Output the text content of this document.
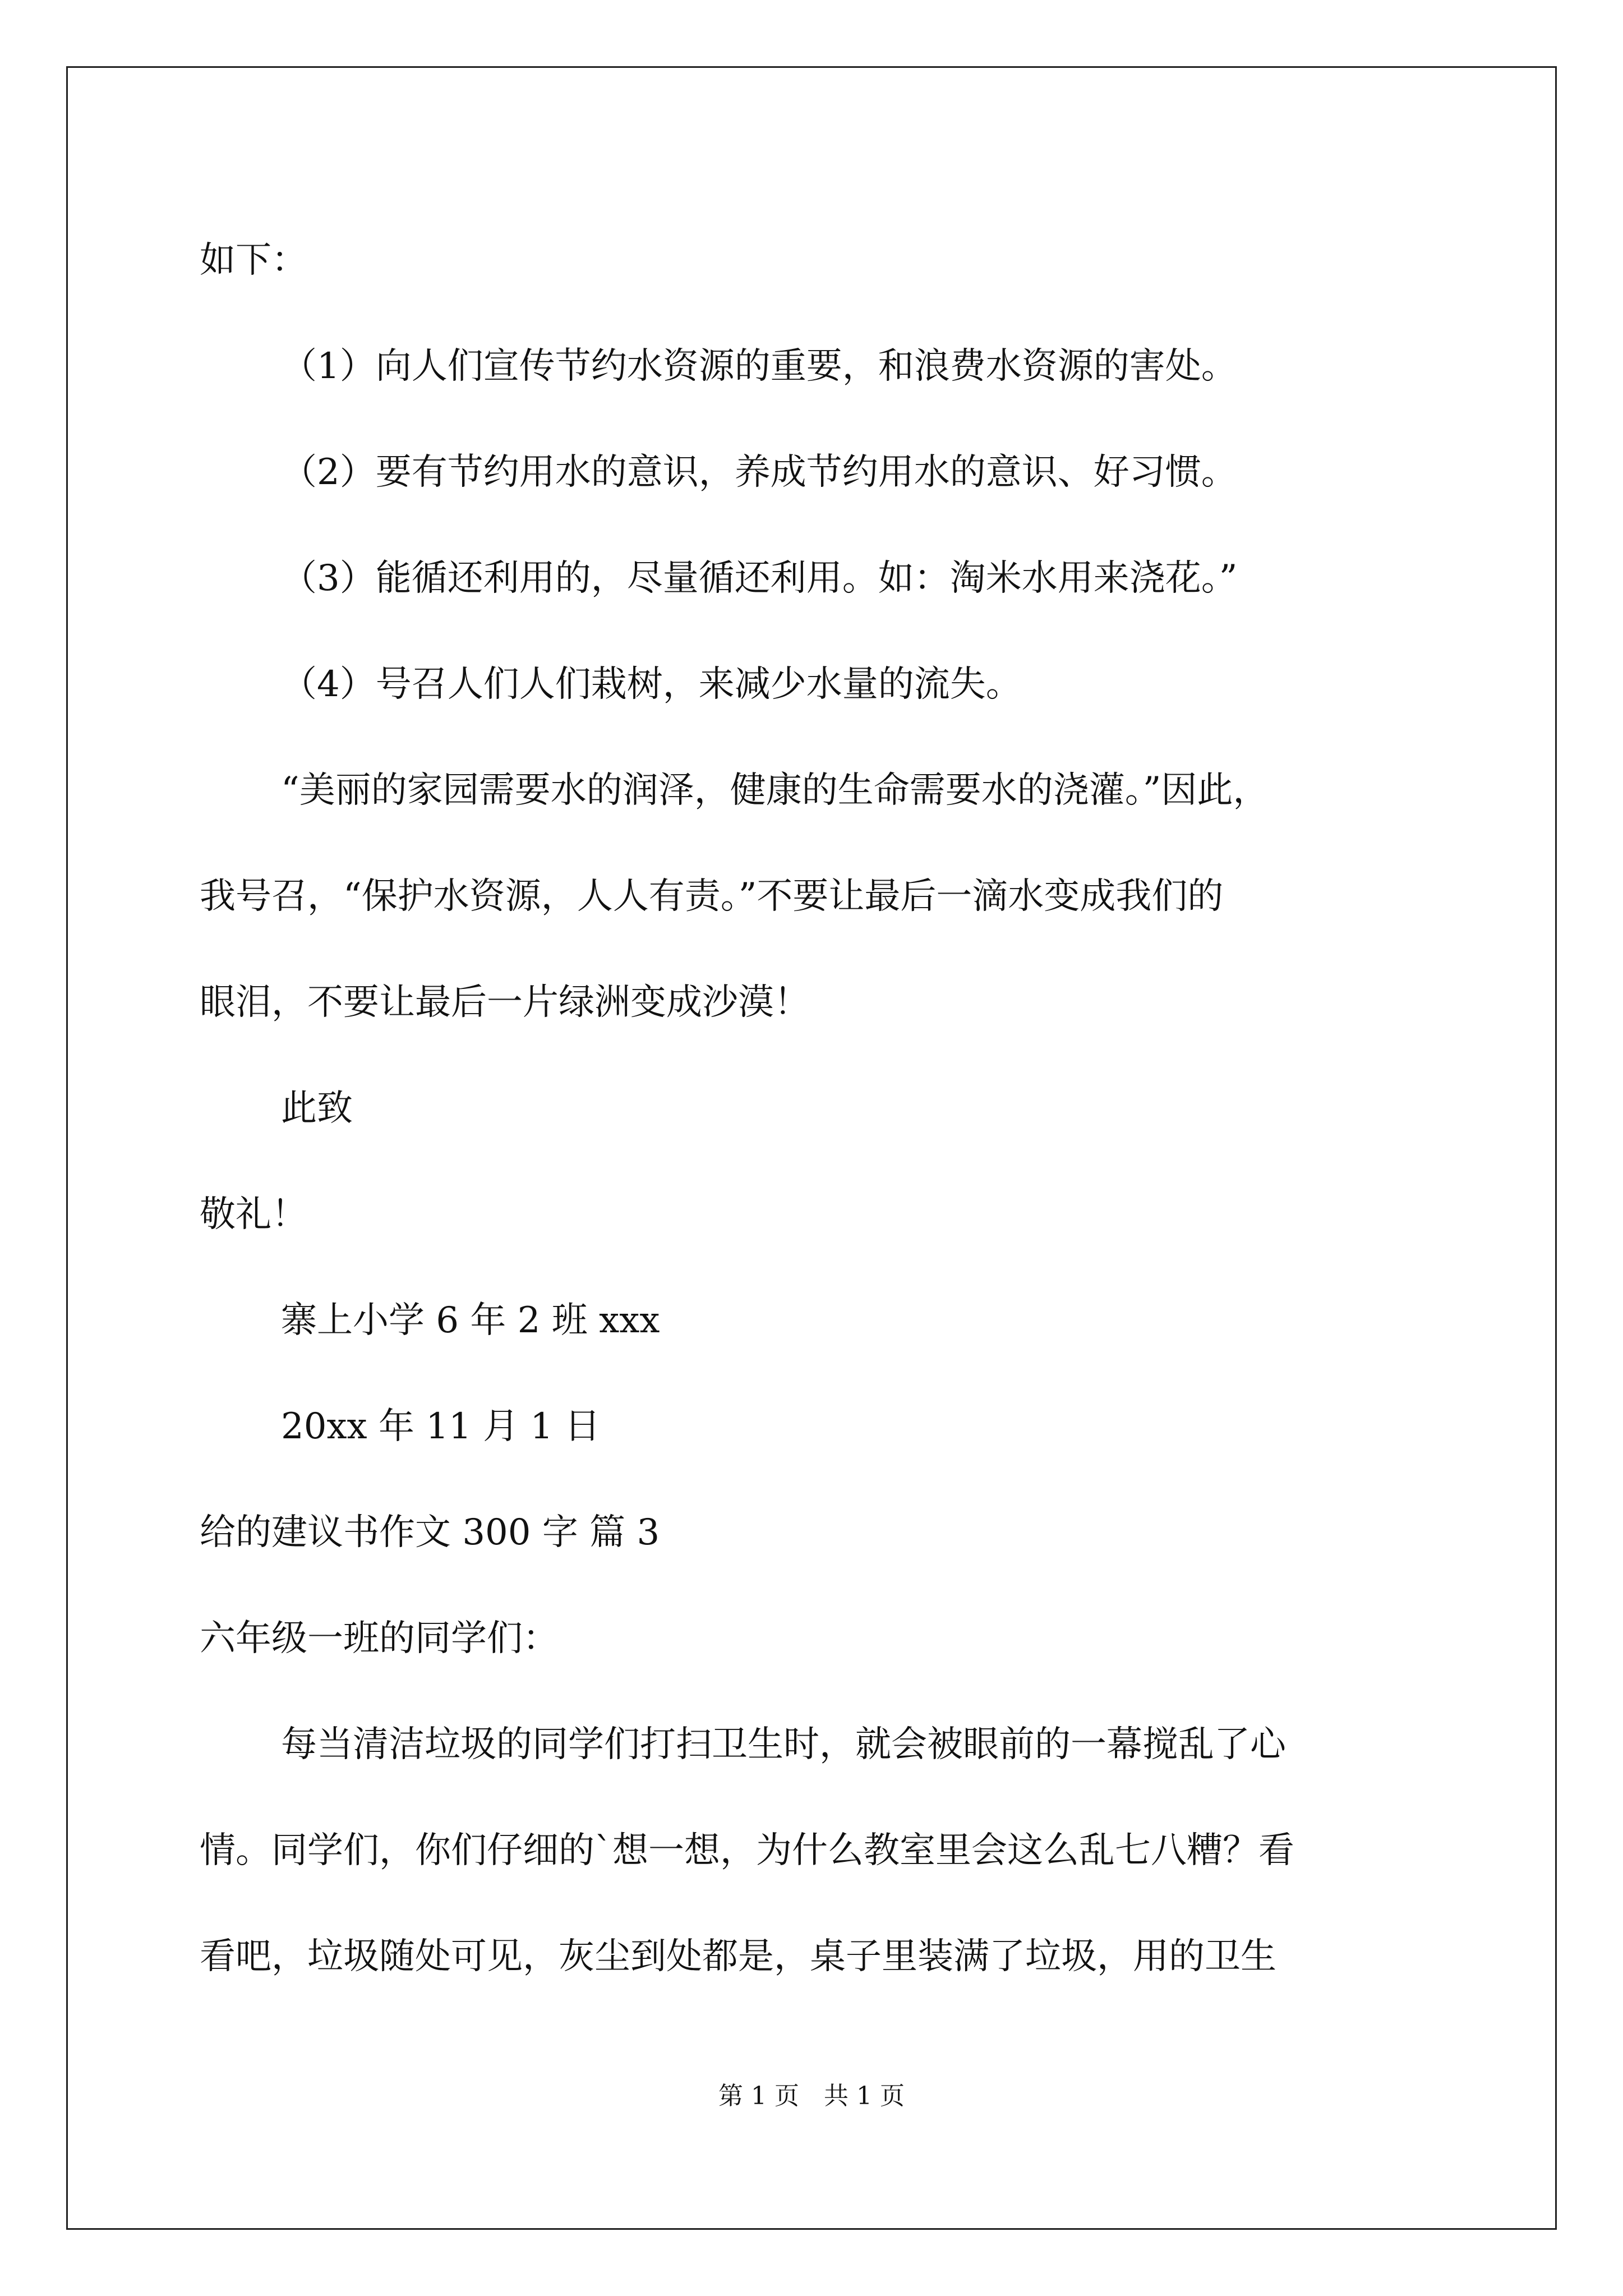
如下：
（1）向人们宣传节约水资源的重要，和浪费水资源的害处。
（2）要有节约用水的意识，养成节约用水的意识、好习惯。
（3）能循还利用的，尽量循还利用。如：淘米水用来浇花。”
（4）号召人们人们栽树，来减少水量的流失。
“美丽的家园需要水的润泽，健康的生命需要水的浇灌。”因此，
我号召，“保护水资源，人人有责。”不要让最后一滴水变成我们的
眼泪，不要让最后一片绿洲变成沙漠！
此致
敬礼！
寨上小学 6 年 2 班 xxx
20xx 年 11 月 1 日
给的建议书作文 300 字 篇 3
六年级一班的同学们：
每当清洁垃圾的同学们打扫卫生时，就会被眼前的一幕搅乱了心
情。同学们，你们仔细的`想一想，为什么教室里会这么乱七八糟？看
看吧，垃圾随处可见，灰尘到处都是，桌子里装满了垃圾，用的卫生
第 1 页　共 1 页
